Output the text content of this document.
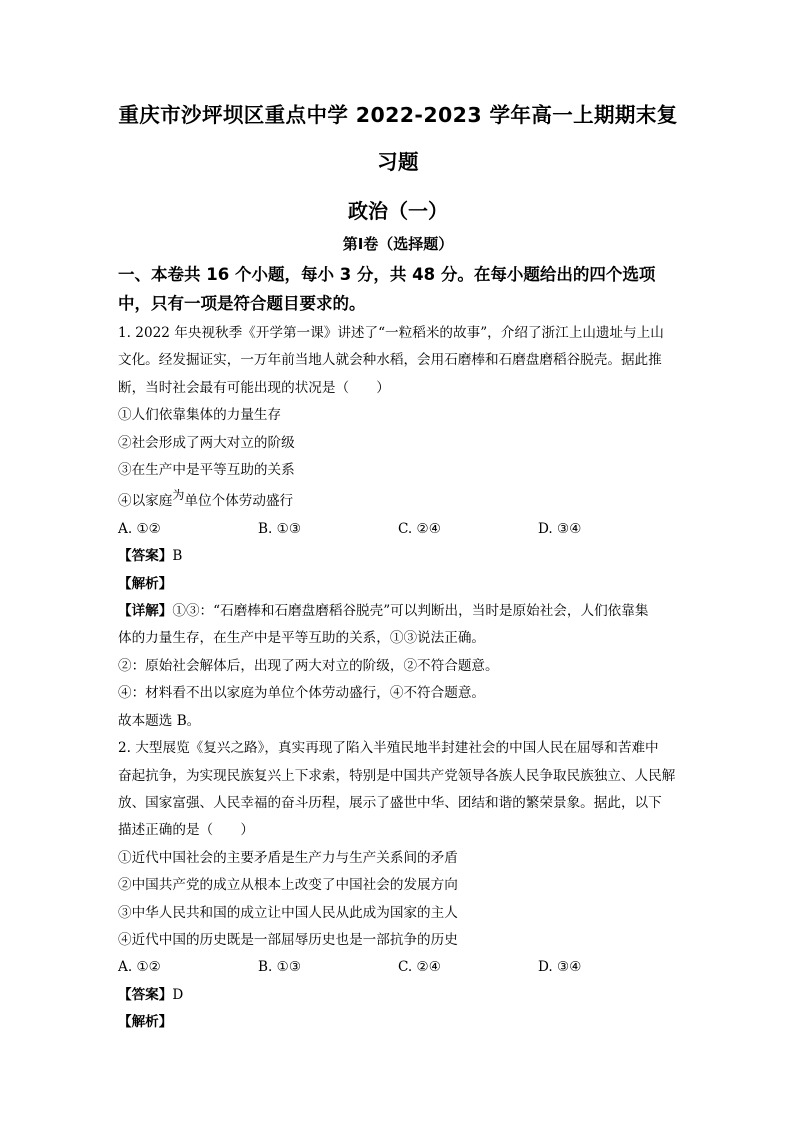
重庆市沙坪坝区重点中学 2022-2023 学年高一上期期末复
习题
政治（一）
第Ⅰ卷（选择题）
一、本卷共 16 个小题，每小 3 分，共 48 分。在每小题给出的四个选项中，只有一项是符合题目要求的。

1. 2022 年央视秋季《开学第一课》讲述了“一粒稻米的故事”，介绍了浙江上山遗址与上山

文化。经发掘证实，一万年前当地人就会种水稻，会用石磨棒和石磨盘磨稻谷脱壳。据此推

断，当时社会最有可能出现的状况是（　　）

①人们依靠集体的力量生存

②社会形成了两大对立的阶级

③在生产中是平等互助的关系

④以家庭为单位个体劳动盛行

A. ①②	B. ①③	C. ②④	D. ③④

【答案】B

【解析】

【详解】①③：“石磨棒和石磨盘磨稻谷脱壳”可以判断出，当时是原始社会，人们依靠集

体的力量生存，在生产中是平等互助的关系，①③说法正确。

②：原始社会解体后，出现了两大对立的阶级，②不符合题意。

④：材料看不出以家庭为单位个体劳动盛行，④不符合题意。

故本题选 B。

2. 大型展览《复兴之路》，真实再现了陷入半殖民地半封建社会的中国人民在屈辱和苦难中

奋起抗争，为实现民族复兴上下求索，特别是中国共产党领导各族人民争取民族独立、人民解

放、国家富强、人民幸福的奋斗历程，展示了盛世中华、团结和谐的繁荣景象。据此，以下

描述正确的是（　　）

①近代中国社会的主要矛盾是生产力与生产关系间的矛盾

②中国共产党的成立从根本上改变了中国社会的发展方向

③中华人民共和国的成立让中国人民从此成为国家的主人

④近代中国的历史既是一部屈辱历史也是一部抗争的历史

A. ①②	B. ①③	C. ②④	D. ③④

【答案】D

【解析】
